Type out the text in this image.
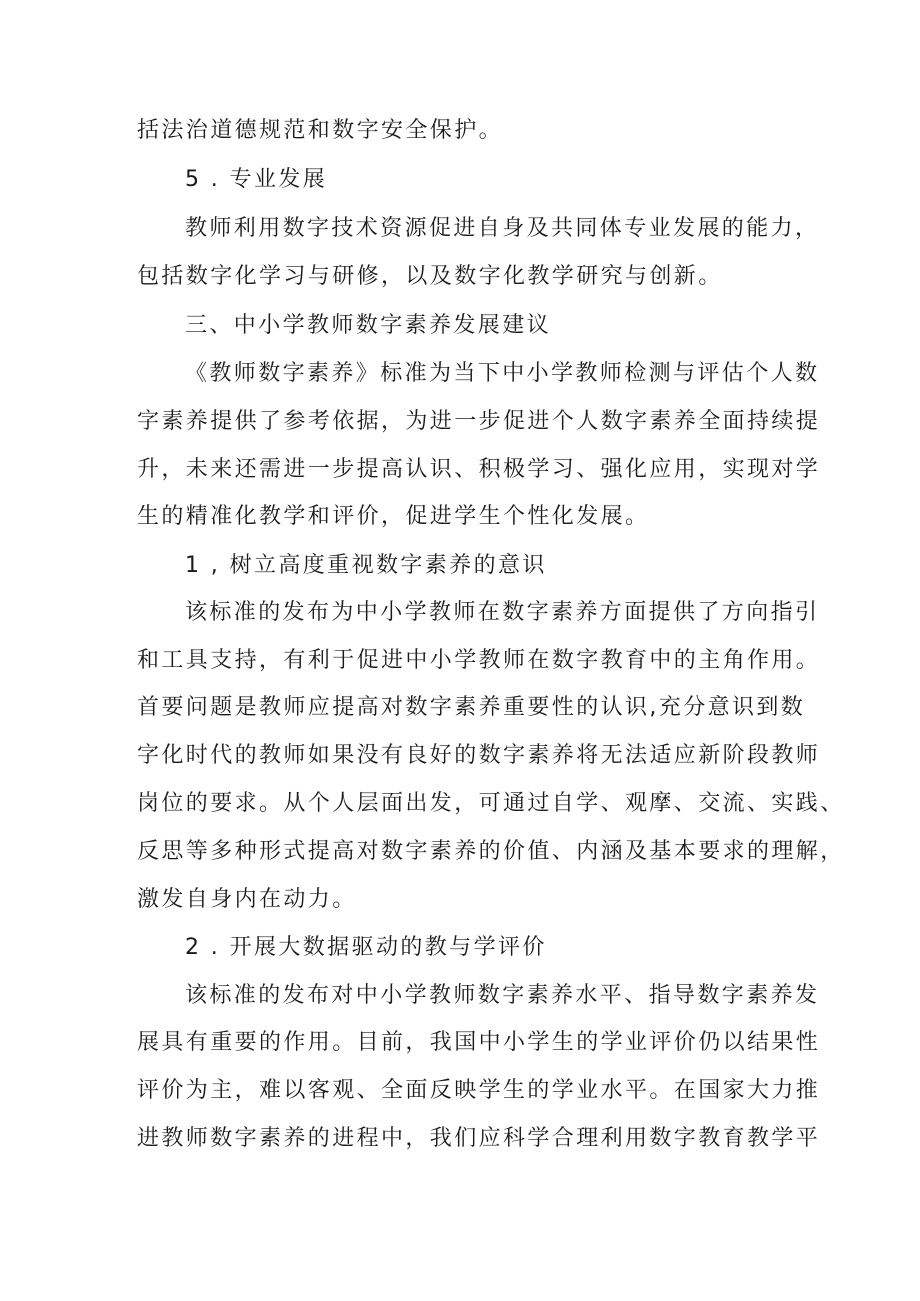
括法治道德规范和数字安全保护。

5 . 专业发展

教师利用数字技术资源促进自身及共同体专业发展的能力，

包括数字化学习与研修，以及数字化教学研究与创新。

三、中小学教师数字素养发展建议

《教师数字素养》标准为当下中小学教师检测与评估个人数

字素养提供了参考依据，为进一步促进个人数字素养全面持续提

升，未来还需进一步提高认识、积极学习、强化应用，实现对学

生的精准化教学和评价，促进学生个性化发展。

1 , 树立高度重视数字素养的意识

该标准的发布为中小学教师在数字素养方面提供了方向指引

和工具支持，有利于促进中小学教师在数字教育中的主角作用。

首要问题是教师应提高对数字素养重要性的认识,充分意识到数

字化时代的教师如果没有良好的数字素养将无法适应新阶段教师

岗位的要求。从个人层面出发，可通过自学、观摩、交流、实践、

反思等多种形式提高对数字素养的价值、内涵及基本要求的理解，

激发自身内在动力。

2 . 开展大数据驱动的教与学评价

该标准的发布对中小学教师数字素养水平、指导数字素养发

展具有重要的作用。目前，我国中小学生的学业评价仍以结果性

评价为主，难以客观、全面反映学生的学业水平。在国家大力推

进教师数字素养的进程中，我们应科学合理利用数字教育教学平
